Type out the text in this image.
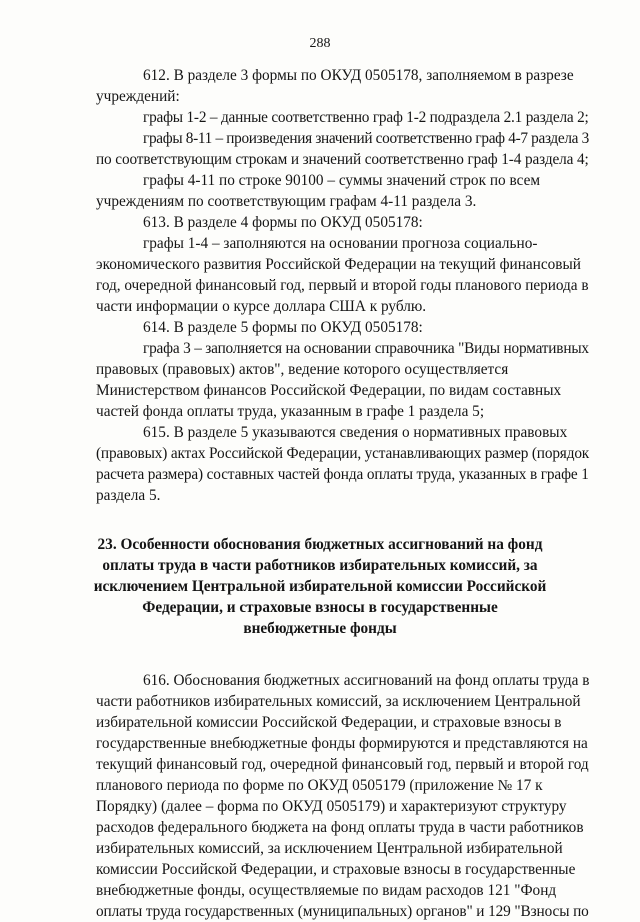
288
612. В разделе 3 формы по ОКУД 0505178, заполняемом в разрезе
учреждений:
графы 1-2 – данные соответственно граф 1-2 подраздела 2.1 раздела 2;
графы 8-11 – произведения значений соответственно граф 4-7 раздела 3
по соответствующим строкам и значений соответственно граф 1-4 раздела 4;
графы 4-11 по строке 90100 – суммы значений строк по всем
учреждениям по соответствующим графам 4-11 раздела 3.
613. В разделе 4 формы по ОКУД 0505178:
графы 1-4 – заполняются на основании прогноза социально-
экономического развития Российской Федерации на текущий финансовый
год, очередной финансовый год, первый и второй годы планового периода в
части информации о курсе доллара США к рублю.
614. В разделе 5 формы по ОКУД 0505178:
графа 3 – заполняется на основании справочника "Виды нормативных
правовых (правовых) актов", ведение которого осуществляется
Министерством финансов Российской Федерации, по видам составных
частей фонда оплаты труда, указанным в графе 1 раздела 5;
615. В разделе 5 указываются сведения о нормативных правовых
(правовых) актах Российской Федерации, устанавливающих размер (порядок
расчета размера) составных частей фонда оплаты труда, указанных в графе 1
раздела 5.
23. Особенности обоснования бюджетных ассигнований на фонд
оплаты труда в части работников избирательных комиссий, за
исключением Центральной избирательной комиссии Российской
Федерации, и страховые взносы в государственные
внебюджетные фонды
616. Обоснования бюджетных ассигнований на фонд оплаты труда в
части работников избирательных комиссий, за исключением Центральной
избирательной комиссии Российской Федерации, и страховые взносы в
государственные внебюджетные фонды формируются и представляются на
текущий финансовый год, очередной финансовый год, первый и второй год
планового периода по форме по ОКУД 0505179 (приложение № 17 к
Порядку) (далее – форма по ОКУД 0505179) и характеризуют структуру
расходов федерального бюджета на фонд оплаты труда в части работников
избирательных комиссий, за исключением Центральной избирательной
комиссии Российской Федерации, и страховые взносы в государственные
внебюджетные фонды, осуществляемые по видам расходов 121 "Фонд
оплаты труда государственных (муниципальных) органов" и 129 "Взносы по
